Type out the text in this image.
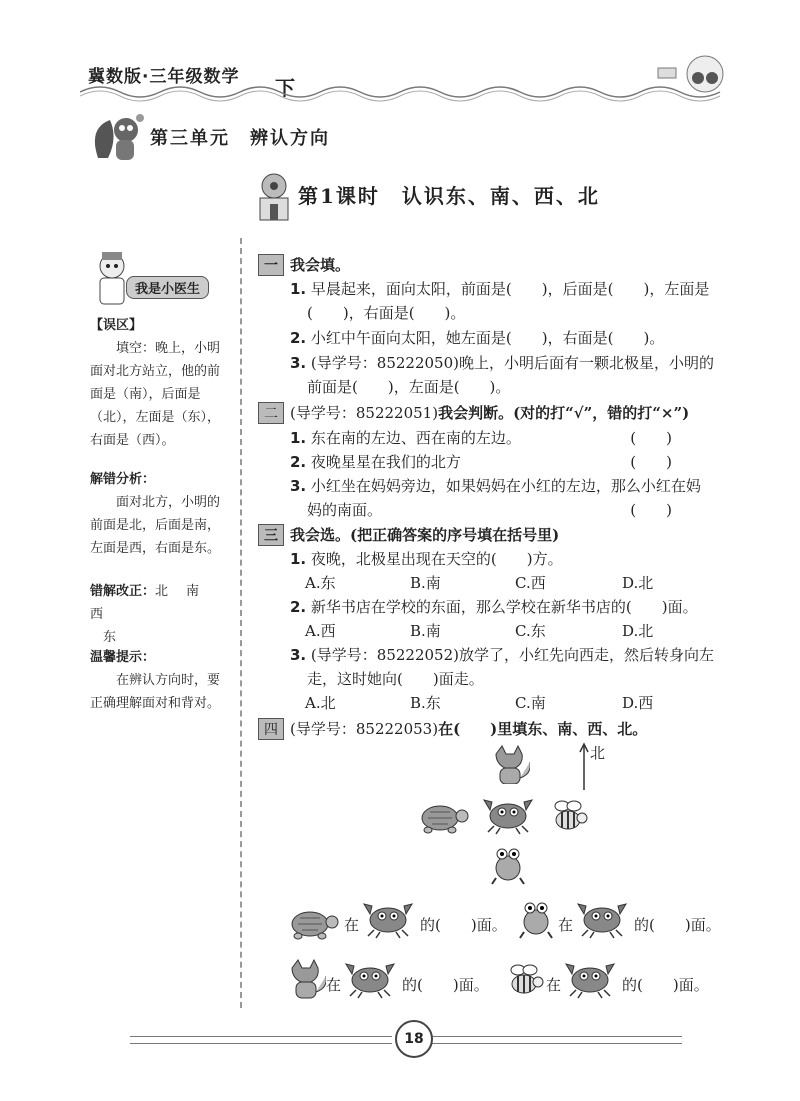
冀数版·三年级数学 下
第三单元　辨认方向
第1课时　认识东、南、西、北
我是小医生

【误区】

填空：晚上，小明面对北方站立，他的前面是（南），后面是（北），左面是（东），右面是（西）。

解错分析：

面对北方，小明的前面是北，后面是南，左面是西，右面是东。

错解改正：北南西

东

温馨提示：

在辨认方向时，要正确理解面对和背对。

一 我会填。
1. 早晨起来，面向太阳，前面是(　　)，后面是(　　)，左面是
(　　)，右面是(　　)。
2. 小红中午面向太阳，她左面是(　　)，右面是(　　)。
3. (导学号：85222050)晚上，小明后面有一颗北极星，小明的
前面是(　　)，左面是(　　)。
二 (导学号：85222051)我会判断。(对的打“√”，错的打“×”)
1. 东在南的左边、西在南的左边。	(　　)
2. 夜晚星星在我们的北方	(　　)
3. 小红坐在妈妈旁边，如果妈妈在小红的左边，那么小红在妈
妈的南面。	(　　)
三 我会选。(把正确答案的序号填在括号里)
1. 夜晚，北极星出现在天空的(　　)方。
A.东	B.南	C.西	D.北
2. 新华书店在学校的东面，那么学校在新华书店的(　　)面。
A.西	B.南	C.东	D.北
3. (导学号：85222052)放学了，小红先向西走，然后转身向左
走，这时她向(　　)面走。
A.北	B.东	C.南	D.西
四 (导学号：85222053)在(　　)里填东、南、西、北。
北
在	的(　　)面。	在	的(　　)面。
在	的(　　)面。	在	的(　　)面。
18
